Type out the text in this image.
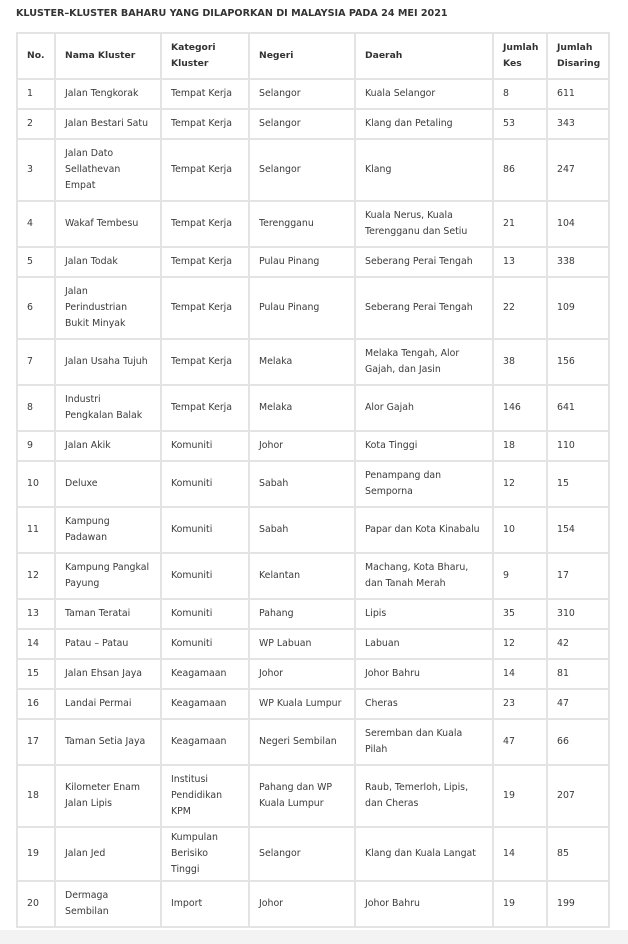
KLUSTER–KLUSTER BAHARU YANG DILAPORKAN DI MALAYSIA PADA 24 MEI 2021
No.	Nama Kluster	Kategori Kluster	Negeri	Daerah	Jumlah Kes	Jumlah Disaring
1	Jalan Tengkorak	Tempat Kerja	Selangor	Kuala Selangor	8	611
2	Jalan Bestari Satu	Tempat Kerja	Selangor	Klang dan Petaling	53	343
3	Jalan Dato Sellathevan Empat	Tempat Kerja	Selangor	Klang	86	247
4	Wakaf Tembesu	Tempat Kerja	Terengganu	Kuala Nerus, Kuala Terengganu dan Setiu	21	104
5	Jalan Todak	Tempat Kerja	Pulau Pinang	Seberang Perai Tengah	13	338
6	Jalan Perindustrian Bukit Minyak	Tempat Kerja	Pulau Pinang	Seberang Perai Tengah	22	109
7	Jalan Usaha Tujuh	Tempat Kerja	Melaka	Melaka Tengah, Alor Gajah, dan Jasin	38	156
8	Industri Pengkalan Balak	Tempat Kerja	Melaka	Alor Gajah	146	641
9	Jalan Akik	Komuniti	Johor	Kota Tinggi	18	110
10	Deluxe	Komuniti	Sabah	Penampang dan Semporna	12	15
11	Kampung Padawan	Komuniti	Sabah	Papar dan Kota Kinabalu	10	154
12	Kampung Pangkal Payung	Komuniti	Kelantan	Machang, Kota Bharu, dan Tanah Merah	9	17
13	Taman Teratai	Komuniti	Pahang	Lipis	35	310
14	Patau – Patau	Komuniti	WP Labuan	Labuan	12	42
15	Jalan Ehsan Jaya	Keagamaan	Johor	Johor Bahru	14	81
16	Landai Permai	Keagamaan	WP Kuala Lumpur	Cheras	23	47
17	Taman Setia Jaya	Keagamaan	Negeri Sembilan	Seremban dan Kuala Pilah	47	66
18	Kilometer Enam Jalan Lipis	Institusi Pendidikan KPM	Pahang dan WP Kuala Lumpur	Raub, Temerloh, Lipis, dan Cheras	19	207
19	Jalan Jed	Kumpulan Berisiko Tinggi	Selangor	Klang dan Kuala Langat	14	85
20	Dermaga Sembilan	Import	Johor	Johor Bahru	19	199
